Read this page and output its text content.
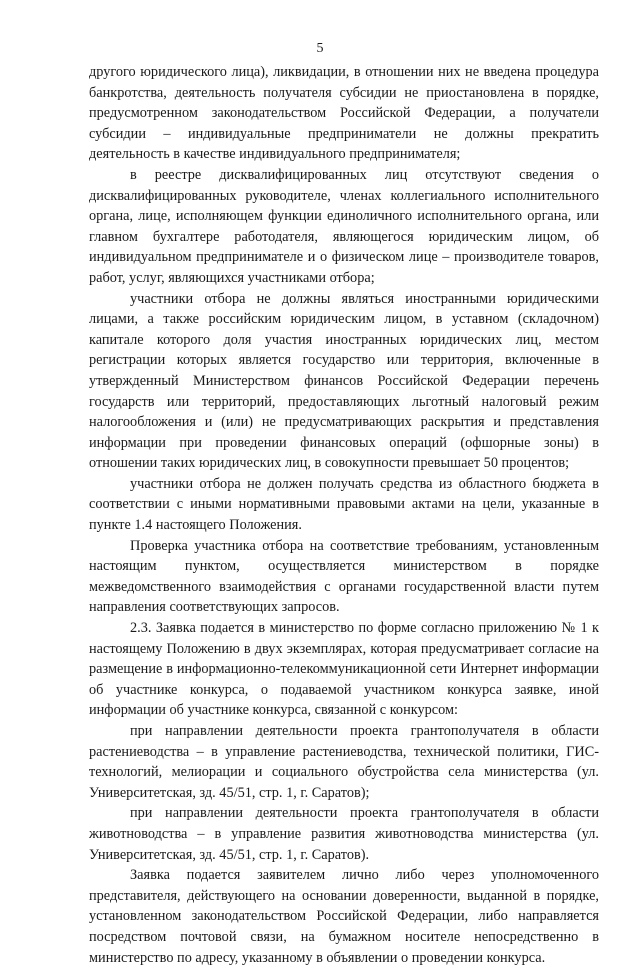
5

другого юридического лица), ликвидации, в отношении них не введена процедура банкротства, деятельность получателя субсидии не приостановлена в порядке, предусмотренном законодательством Российской Федерации, а получатели субсидии – индивидуальные предприниматели не должны прекратить деятельность в качестве индивидуального предпринимателя;

в реестре дисквалифицированных лиц отсутствуют сведения о дисквалифицированных руководителе, членах коллегиального исполнительного органа, лице, исполняющем функции единоличного исполнительного органа, или главном бухгалтере работодателя, являющегося юридическим лицом, об индивидуальном предпринимателе и о физическом лице – производителе товаров, работ, услуг, являющихся участниками отбора;

участники отбора не должны являться иностранными юридическими лицами, а также российским юридическим лицом, в уставном (складочном) капитале которого доля участия иностранных юридических лиц, местом регистрации которых является государство или территория, включенные в утвержденный Министерством финансов Российской Федерации перечень государств или территорий, предоставляющих льготный налоговый режим налогообложения и (или) не предусматривающих раскрытия и представления информации при проведении финансовых операций (офшорные зоны) в отношении таких юридических лиц, в совокупности превышает 50 процентов;

участники отбора не должен получать средства из областного бюджета в соответствии с иными нормативными правовыми актами на цели, указанные в пункте 1.4 настоящего Положения.

Проверка участника отбора на соответствие требованиям, установленным настоящим пунктом, осуществляется министерством в порядке межведомственного взаимодействия с органами государственной власти путем направления соответствующих запросов.

2.3. Заявка подается в министерство по форме согласно приложению № 1 к настоящему Положению в двух экземплярах, которая предусматривает согласие на размещение в информационно-телекоммуникационной сети Интернет информации об участнике конкурса, о подаваемой участником конкурса заявке, иной информации об участнике конкурса, связанной с конкурсом:

при направлении деятельности проекта грантополучателя в области растениеводства – в управление растениеводства, технической политики, ГИС-технологий, мелиорации и социального обустройства села министерства (ул. Университетская, зд. 45/51, стр. 1, г. Саратов);

при направлении деятельности проекта грантополучателя в области животноводства – в управление развития животноводства министерства (ул. Университетская, зд. 45/51, стр. 1, г. Саратов).

Заявка подается заявителем лично либо через уполномоченного представителя, действующего на основании доверенности, выданной в порядке, установленном законодательством Российской Федерации, либо направляется посредством почтовой связи, на бумажном носителе непосредственно в министерство по адресу, указанному в объявлении о проведении конкурса.
